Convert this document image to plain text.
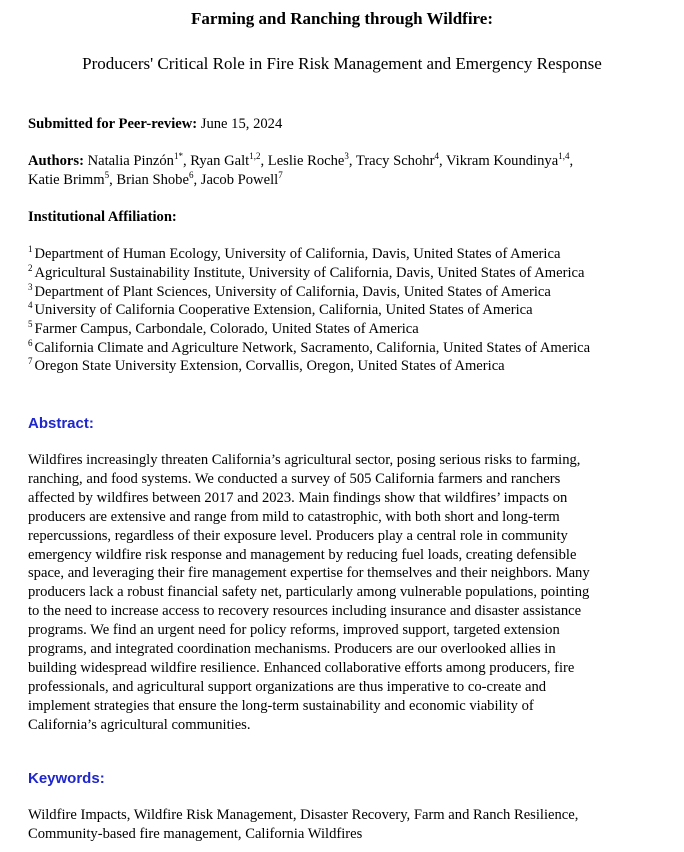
Farming and Ranching through Wildfire:
Producers' Critical Role in Fire Risk Management and Emergency Response
Submitted for Peer-review: June 15, 2024
Authors: Natalia Pinzón$^{1*}$, Ryan Galt$^{1,2}$, Leslie Roche$^3$, Tracy Schohr$^4$, Vikram Koundinya$^{1,4}$,
Katie Brimm$^5$, Brian Shobe$^6$, Jacob Powell$^7$
Institutional Affiliation:
$^1$ Department of Human Ecology, University of California, Davis, United States of America
$^2$ Agricultural Sustainability Institute, University of California, Davis, United States of America
$^3$ Department of Plant Sciences, University of California, Davis, United States of America
$^4$ University of California Cooperative Extension, California, United States of America
$^5$ Farmer Campus, Carbondale, Colorado, United States of America
$^6$ California Climate and Agriculture Network, Sacramento, California, United States of America
$^7$ Oregon State University Extension, Corvallis, Oregon, United States of America
Abstract:
Wildfires increasingly threaten California’s agricultural sector, posing serious risks to farming,
ranching, and food systems. We conducted a survey of 505 California farmers and ranchers
affected by wildfires between 2017 and 2023. Main findings show that wildfires’ impacts on
producers are extensive and range from mild to catastrophic, with both short and long-term
repercussions, regardless of their exposure level. Producers play a central role in community
emergency wildfire risk response and management by reducing fuel loads, creating defensible
space, and leveraging their fire management expertise for themselves and their neighbors. Many
producers lack a robust financial safety net, particularly among vulnerable populations, pointing
to the need to increase access to recovery resources including insurance and disaster assistance
programs. We find an urgent need for policy reforms, improved support, targeted extension
programs, and integrated coordination mechanisms. Producers are our overlooked allies in
building widespread wildfire resilience. Enhanced collaborative efforts among producers, fire
professionals, and agricultural support organizations are thus imperative to co-create and
implement strategies that ensure the long-term sustainability and economic viability of
California’s agricultural communities.
Keywords:
Wildfire Impacts, Wildfire Risk Management, Disaster Recovery, Farm and Ranch Resilience,
Community-based fire management, California Wildfires
